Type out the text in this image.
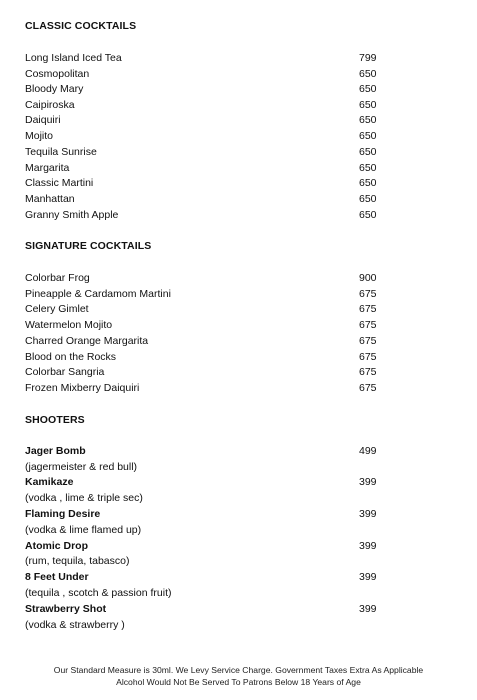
CLASSIC COCKTAILS
Long Island Iced Tea	799
Cosmopolitan	650
Bloody Mary	650
Caipiroska	650
Daiquiri	650
Mojito	650
Tequila Sunrise	650
Margarita	650
Classic Martini	650
Manhattan	650
Granny Smith Apple	650
SIGNATURE COCKTAILS
Colorbar Frog	900
Pineapple & Cardamom Martini	675
Celery Gimlet	675
Watermelon Mojito	675
Charred Orange Margarita	675
Blood on the Rocks	675
Colorbar Sangria	675
Frozen Mixberry Daiquiri	675
SHOOTERS
Jager Bomb	499
(jagermeister & red bull)
Kamikaze	399
(vodka , lime & triple sec)
Flaming Desire	399
(vodka & lime flamed up)
Atomic Drop	399
(rum, tequila, tabasco)
8 Feet Under	399
(tequila , scotch & passion fruit)
Strawberry Shot	399
(vodka & strawberry )
Our Standard Measure is 30ml. We Levy Service Charge. Government Taxes Extra As Applicable
Alcohol Would Not Be Served To Patrons Below 18 Years of Age
